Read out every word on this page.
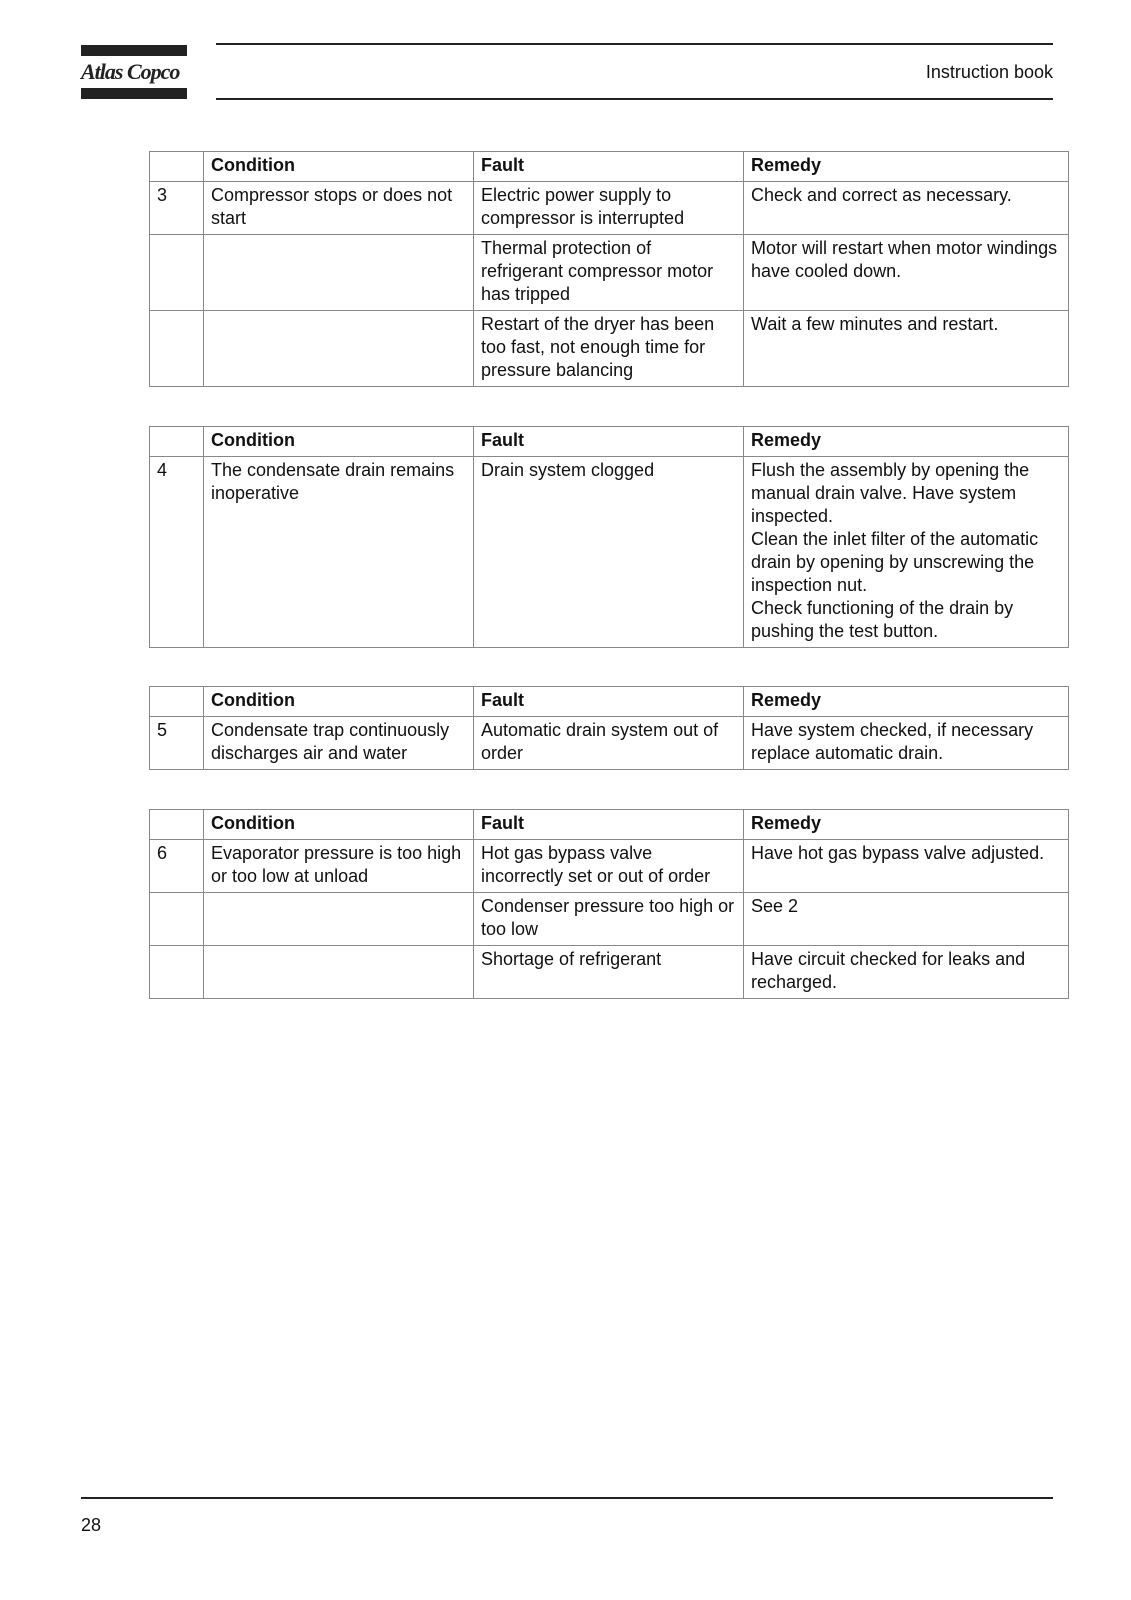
Atlas Copco	Instruction book
	Condition	Fault	Remedy
3	Compressor stops or does not start	Electric power supply to compressor is interrupted	Check and correct as necessary.
		Thermal protection of refrigerant compressor motor has tripped	Motor will restart when motor windings have cooled down.
		Restart of the dryer has been too fast, not enough time for pressure balancing	Wait a few minutes and restart.
	Condition	Fault	Remedy
4	The condensate drain remains inoperative	Drain system clogged	Flush the assembly by opening the manual drain valve. Have system inspected.
Clean the inlet filter of the automatic drain by opening by unscrewing the inspection nut.
Check functioning of the drain by pushing the test button.
	Condition	Fault	Remedy
5	Condensate trap continuously discharges air and water	Automatic drain system out of order	Have system checked, if necessary replace automatic drain.
	Condition	Fault	Remedy
6	Evaporator pressure is too high or too low at unload	Hot gas bypass valve incorrectly set or out of order	Have hot gas bypass valve adjusted.
		Condenser pressure too high or too low	See 2
		Shortage of refrigerant	Have circuit checked for leaks and recharged.
28
